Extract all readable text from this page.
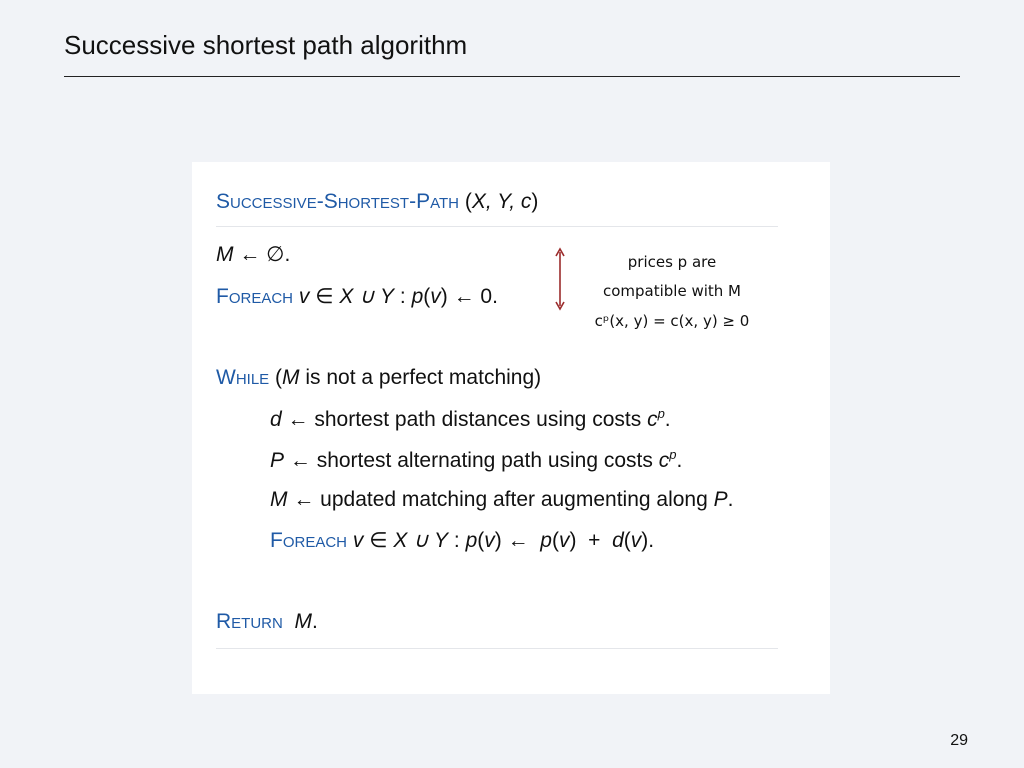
Successive shortest path algorithm
Successive-Shortest-Path (X, Y, c)
M ← ∅.
Foreach v ∈ X ∪ Y : p(v) ← 0.
prices p are
compatible with M
cᵖ(x, y) = c(x, y) ≥ 0
While (M is not a perfect matching)
d ← shortest path distances using costs $c^p$.
P ← shortest alternating path using costs $c^p$.
M ← updated matching after augmenting along P.
Foreach v ∈ X ∪ Y : p(v) ← p(v) + d(v).
Return M.
29
